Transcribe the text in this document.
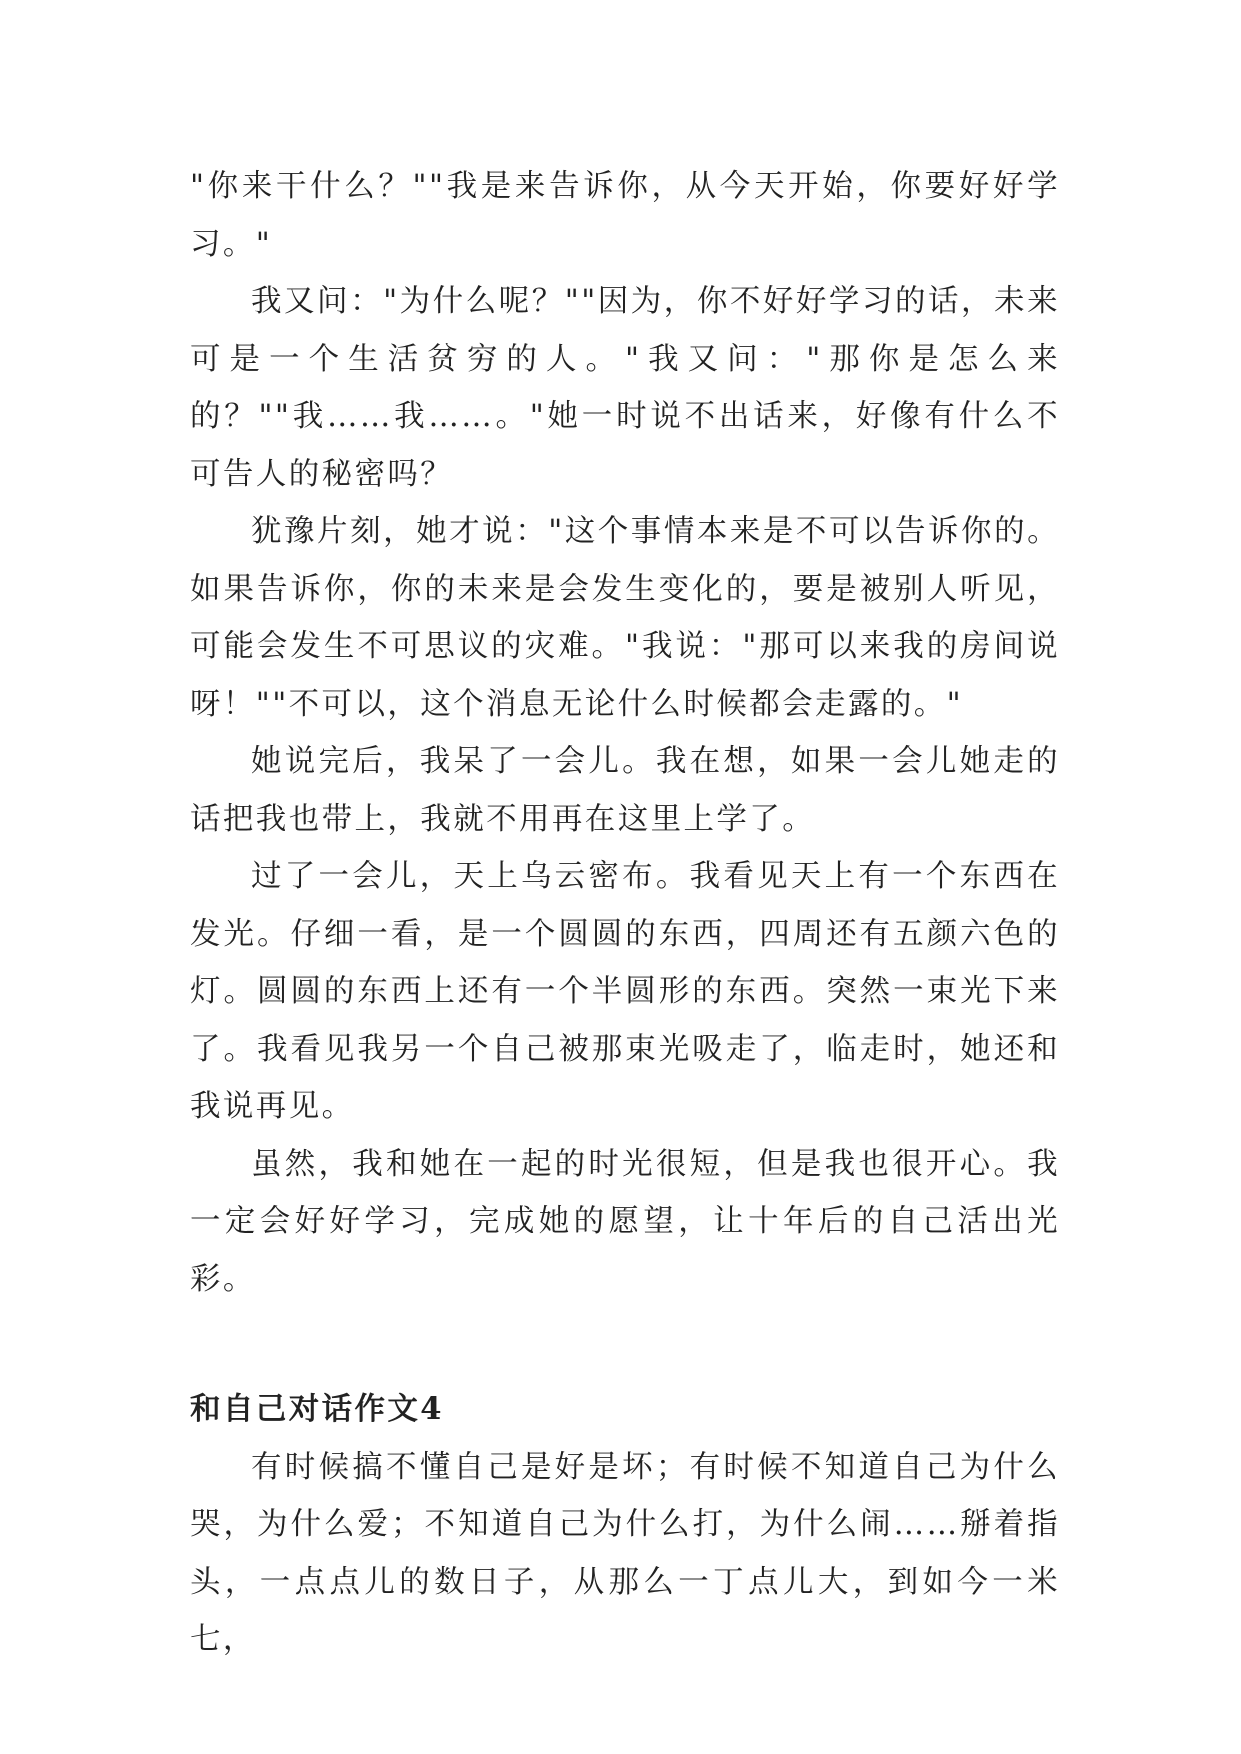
"你来干什么？""我是来告诉你，从今天开始，你要好好学习。"

我又问："为什么呢？""因为，你不好好学习的话，未来可是一个生活贫穷的人。"我又问："那你是怎么来的？""我……我……。"她一时说不出话来，好像有什么不可告人的秘密吗？

犹豫片刻，她才说："这个事情本来是不可以告诉你的。如果告诉你，你的未来是会发生变化的，要是被别人听见，可能会发生不可思议的灾难。"我说："那可以来我的房间说呀！""不可以，这个消息无论什么时候都会走露的。"

她说完后，我呆了一会儿。我在想，如果一会儿她走的话把我也带上，我就不用再在这里上学了。

过了一会儿，天上乌云密布。我看见天上有一个东西在发光。仔细一看，是一个圆圆的东西，四周还有五颜六色的灯。圆圆的东西上还有一个半圆形的东西。突然一束光下来了。我看见我另一个自己被那束光吸走了，临走时，她还和我说再见。

虽然，我和她在一起的时光很短，但是我也很开心。我一定会好好学习，完成她的愿望，让十年后的自己活出光彩。

和自己对话作文4

有时候搞不懂自己是好是坏；有时候不知道自己为什么哭，为什么爱；不知道自己为什么打，为什么闹……掰着指头，一点点儿的数日子，从那么一丁点儿大，到如今一米七，
